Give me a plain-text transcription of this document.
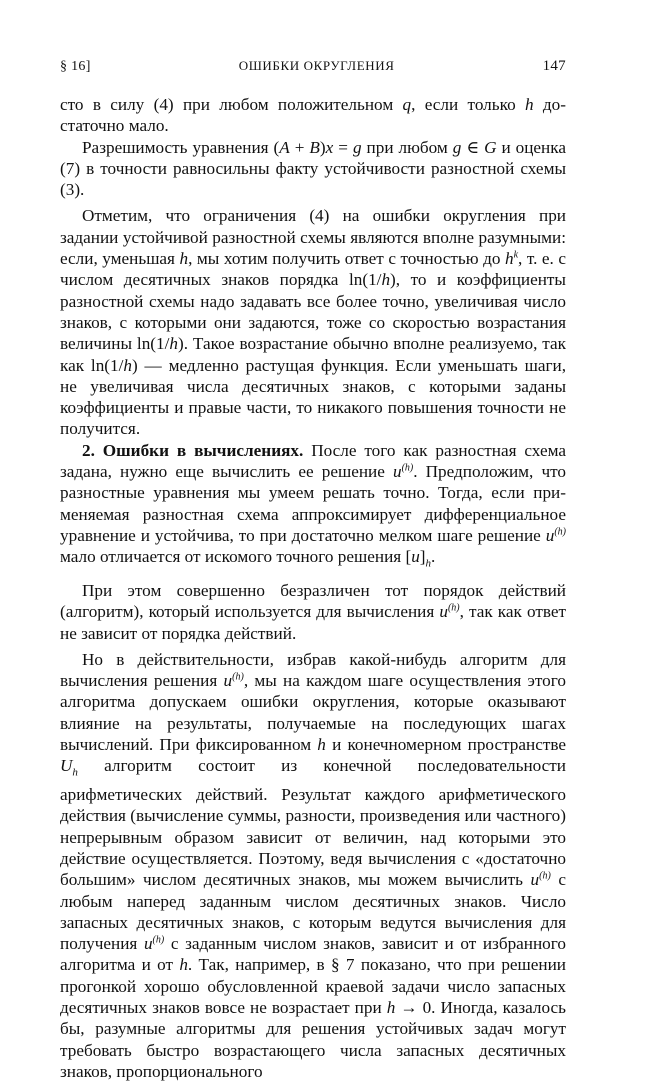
§ 16]	ОШИБКИ ОКРУГЛЕНИЯ	147

сто в силу (4) при любом положительном q, если только h достаточно мало.

Разрешимость уравнения (A + B)x = g при любом g ∈ G и оценка (7) в точности равносильны факту устойчивости разностной схемы (3).

Отметим, что ограничения (4) на ошибки округления при задании устойчивой разностной схемы являются вполне разумными: если, уменьшая h, мы хотим получить ответ с точностью до $h^k$, т. е. с числом десятичных знаков порядка ln(1/h), то и коэффициенты разностной схемы надо задавать все более точно, увеличивая число знаков, с которыми они задаются, тоже со скоростью возрастания величины ln(1/h). Такое возрастание обычно вполне реализуемо, так как ln(1/h) — медленно растущая функция. Если уменьшать шаги, не увеличивая числа десятичных знаков, с которыми заданы коэффициенты и правые части, то никакого повышения точности не получится.

2. Ошибки в вычислениях. После того как разностная схема задана, нужно еще вычислить ее решение $u^{(h)}$. Предположим, что разностные уравнения мы умеем решать точно. Тогда, если применяемая разностная схема аппроксимирует дифференциальное уравнение и устойчива, то при достаточно мелком шаге решение $u^{(h)}$ мало отличается от искомого точного решения $[u]_h$.

При этом совершенно безразличен тот порядок действий (алгоритм), который используется для вычисления $u^{(h)}$, так как ответ не зависит от порядка действий.

Но в действительности, избрав какой-нибудь алгоритм для вычисления решения $u^{(h)}$, мы на каждом шаге осуществления этого алгоритма допускаем ошибки округления, которые оказывают влияние на результаты, получаемые на последующих шагах вычислений. При фиксированном h и конечномерном пространстве $U_h$ алгоритм состоит из конечной последовательности арифметических действий. Результат каждого арифметического действия (вычисление суммы, разности, произведения или частного) непрерывным образом зависит от величин, над которыми это действие осуществляется. Поэтому, ведя вычисления с «достаточно большим» числом десятичных знаков, мы можем вычислить $u^{(h)}$ с любым наперед заданным числом десятичных знаков. Число запасных десятичных знаков, с которым ведутся вычисления для получения $u^{(h)}$ с заданным числом знаков, зависит и от избранного алгоритма и от h. Так, например, в § 7 показано, что при решении прогонкой хорошо обусловленной краевой задачи число запасных десятичных знаков вовсе не возрастает при h → 0. Иногда, казалось бы, разумные алгоритмы для решения устойчивых задач могут требовать быстро возрастающего числа запасных десятичных знаков, пропорционального
